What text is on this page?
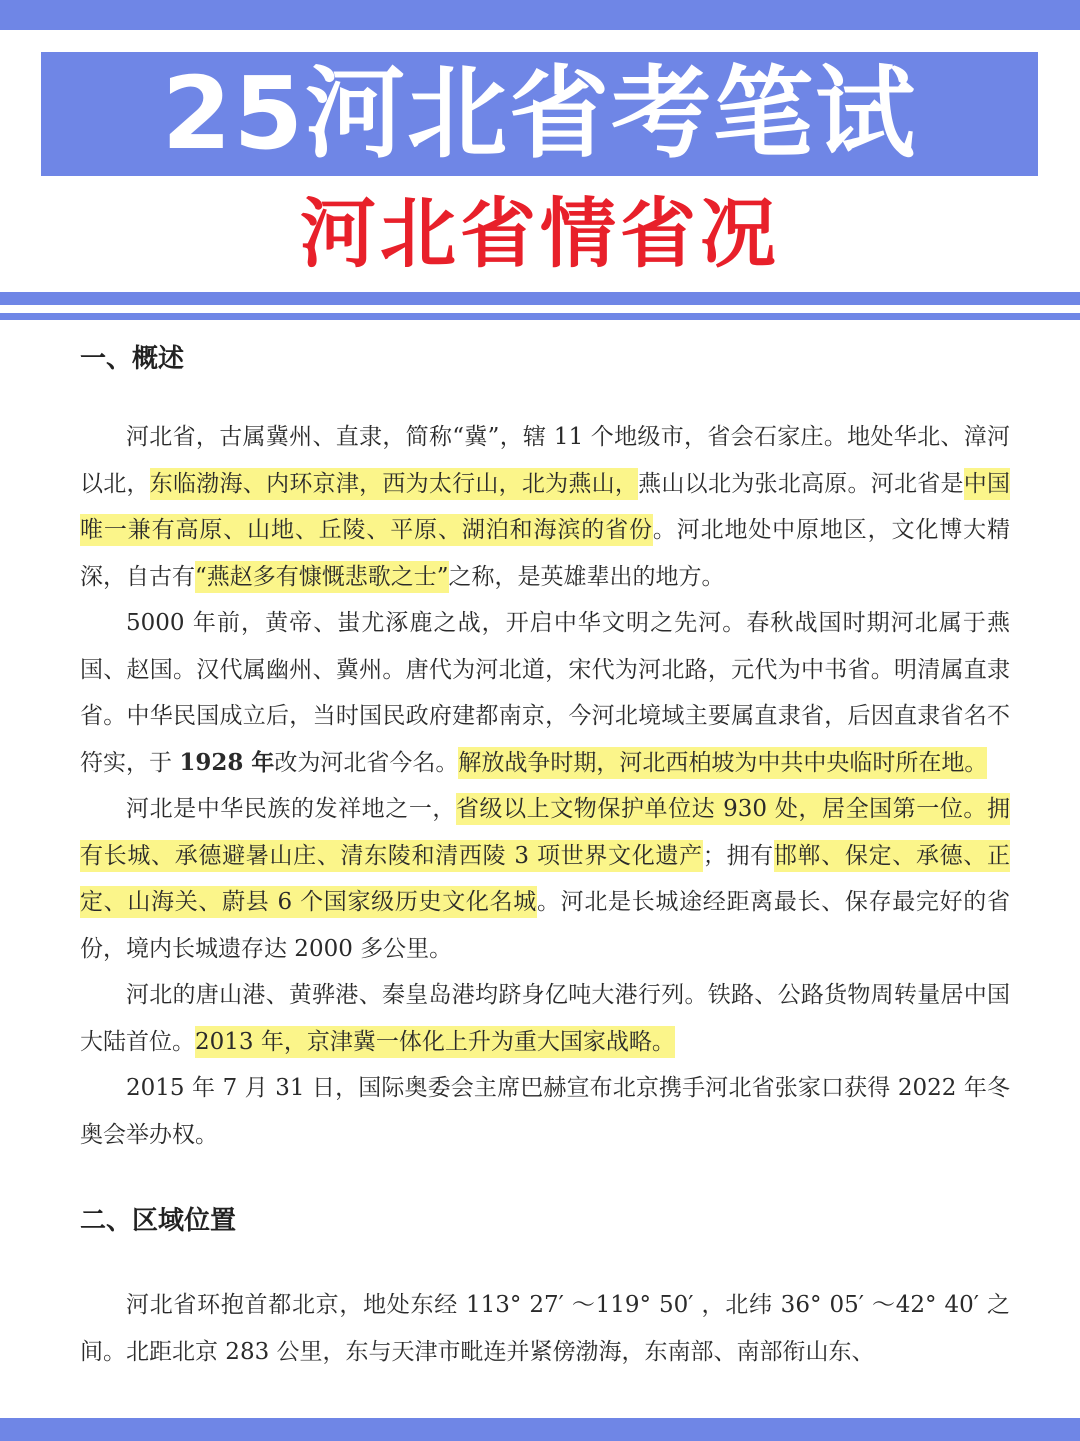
25河北省考笔试
河北省情省况
一、概述

河北省，古属冀州、直隶，简称“冀”，辖 11 个地级市，省会石家庄。地处华北、漳河以北，东临渤海、内环京津，西为太行山，北为燕山，燕山以北为张北高原。河北省是中国唯一兼有高原、山地、丘陵、平原、湖泊和海滨的省份。河北地处中原地区，文化博大精深，自古有“燕赵多有慷慨悲歌之士”之称，是英雄辈出的地方。

5000 年前，黄帝、蚩尤涿鹿之战，开启中华文明之先河。春秋战国时期河北属于燕国、赵国。汉代属幽州、冀州。唐代为河北道，宋代为河北路，元代为中书省。明清属直隶省。中华民国成立后，当时国民政府建都南京，今河北境域主要属直隶省，后因直隶省名不符实，于 1928 年改为河北省今名。解放战争时期，河北西柏坡为中共中央临时所在地。

河北是中华民族的发祥地之一，省级以上文物保护单位达 930 处，居全国第一位。拥有长城、承德避暑山庄、清东陵和清西陵 3 项世界文化遗产；拥有邯郸、保定、承德、正定、山海关、蔚县 6 个国家级历史文化名城。河北是长城途经距离最长、保存最完好的省份，境内长城遗存达 2000 多公里。

河北的唐山港、黄骅港、秦皇岛港均跻身亿吨大港行列。铁路、公路货物周转量居中国大陆首位。2013 年，京津冀一体化上升为重大国家战略。

2015 年 7 月 31 日，国际奥委会主席巴赫宣布北京携手河北省张家口获得 2022 年冬奥会举办权。

二、区域位置

河北省环抱首都北京，地处东经 113° 27′ ～119° 50′ ，北纬 36° 05′ ～42° 40′ 之间。北距北京 283 公里，东与天津市毗连并紧傍渤海，东南部、南部衔山东、
